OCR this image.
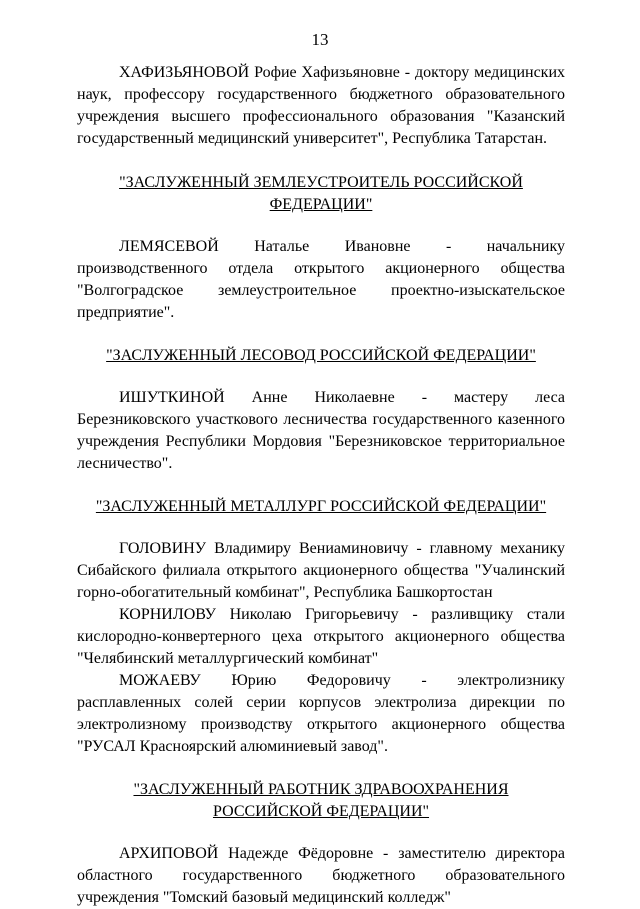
13

ХАФИЗЬЯНОВОЙ Рофие Хафизьяновне - доктору медицинских наук, профессору государственного бюджетного образовательного учреждения высшего профессионального образования "Казанский государственный медицинский университет", Республика Татарстан.

"ЗАСЛУЖЕННЫЙ ЗЕМЛЕУСТРОИТЕЛЬ РОССИЙСКОЙ
ФЕДЕРАЦИИ"

ЛЕМЯСЕВОЙ Наталье Ивановне - начальнику производственного отдела открытого акционерного общества "Волгоградское землеустроительное проектно-изыскательское предприятие".

"ЗАСЛУЖЕННЫЙ ЛЕСОВОД РОССИЙСКОЙ ФЕДЕРАЦИИ"

ИШУТКИНОЙ Анне Николаевне - мастеру леса Березниковского участкового лесничества государственного казенного учреждения Республики Мордовия "Березниковское территориальное лесничество".

"ЗАСЛУЖЕННЫЙ МЕТАЛЛУРГ РОССИЙСКОЙ ФЕДЕРАЦИИ"

ГОЛОВИНУ Владимиру Вениаминовичу - главному механику Сибайского филиала открытого акционерного общества "Учалинский горно-обогатительный комбинат", Республика Башкортостан

КОРНИЛОВУ Николаю Григорьевичу - разливщику стали кислородно-конвертерного цеха открытого акционерного общества "Челябинский металлургический комбинат"

МОЖАЕВУ Юрию Федоровичу - электролизнику расплавленных солей серии корпусов электролиза дирекции по электролизному производству открытого акционерного общества "РУСАЛ Красноярский алюминиевый завод".

"ЗАСЛУЖЕННЫЙ РАБОТНИК ЗДРАВООХРАНЕНИЯ
РОССИЙСКОЙ ФЕДЕРАЦИИ"

АРХИПОВОЙ Надежде Фёдоровне - заместителю директора областного государственного бюджетного образовательного учреждения "Томский базовый медицинский колледж"
